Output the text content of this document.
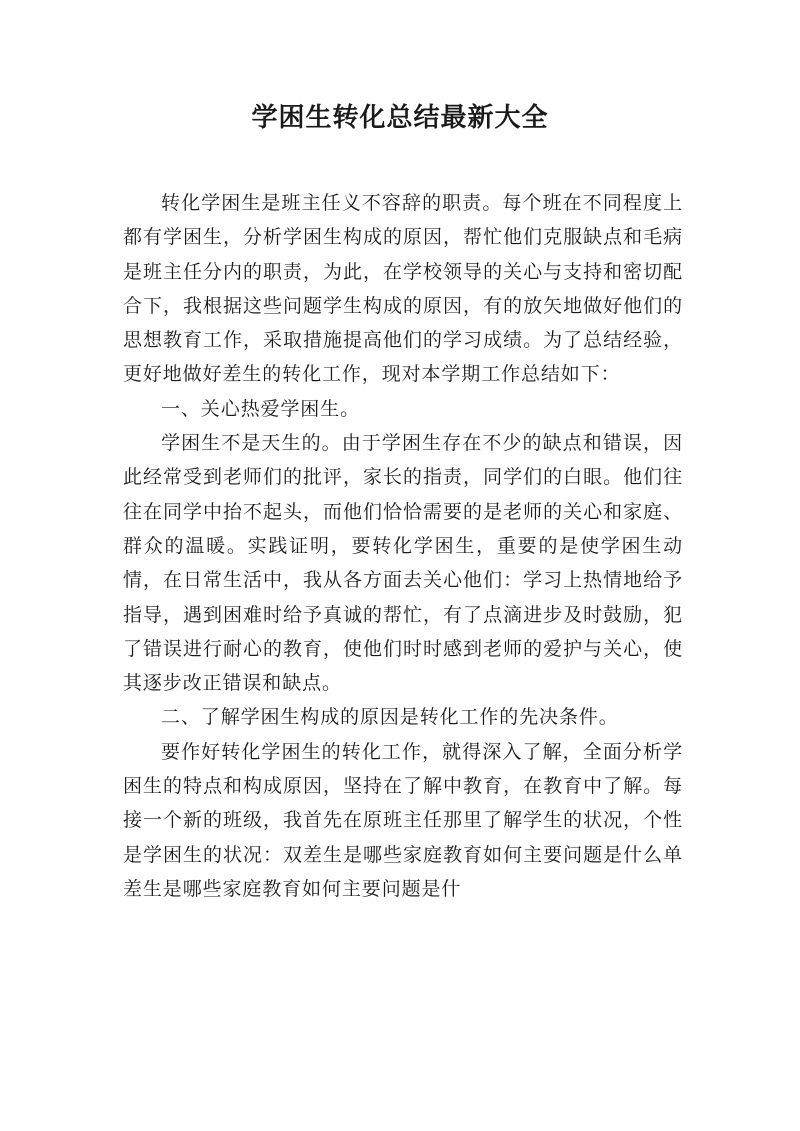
学困生转化总结最新大全

转化学困生是班主任义不容辞的职责。每个班在不同程度上都有学困生，分析学困生构成的原因，帮忙他们克服缺点和毛病是班主任分内的职责，为此，在学校领导的关心与支持和密切配合下，我根据这些问题学生构成的原因，有的放矢地做好他们的思想教育工作，采取措施提高他们的学习成绩。为了总结经验，更好地做好差生的转化工作，现对本学期工作总结如下：

一、关心热爱学困生。

学困生不是天生的。由于学困生存在不少的缺点和错误，因此经常受到老师们的批评，家长的指责，同学们的白眼。他们往往在同学中抬不起头，而他们恰恰需要的是老师的关心和家庭、群众的温暖。实践证明，要转化学困生，重要的是使学困生动情，在日常生活中，我从各方面去关心他们：学习上热情地给予指导，遇到困难时给予真诚的帮忙，有了点滴进步及时鼓励，犯了错误进行耐心的教育，使他们时时感到老师的爱护与关心，使其逐步改正错误和缺点。

二、了解学困生构成的原因是转化工作的先决条件。

要作好转化学困生的转化工作，就得深入了解，全面分析学困生的特点和构成原因，坚持在了解中教育，在教育中了解。每接一个新的班级，我首先在原班主任那里了解学生的状况，个性是学困生的状况：双差生是哪些家庭教育如何主要问题是什么单差生是哪些家庭教育如何主要问题是什
